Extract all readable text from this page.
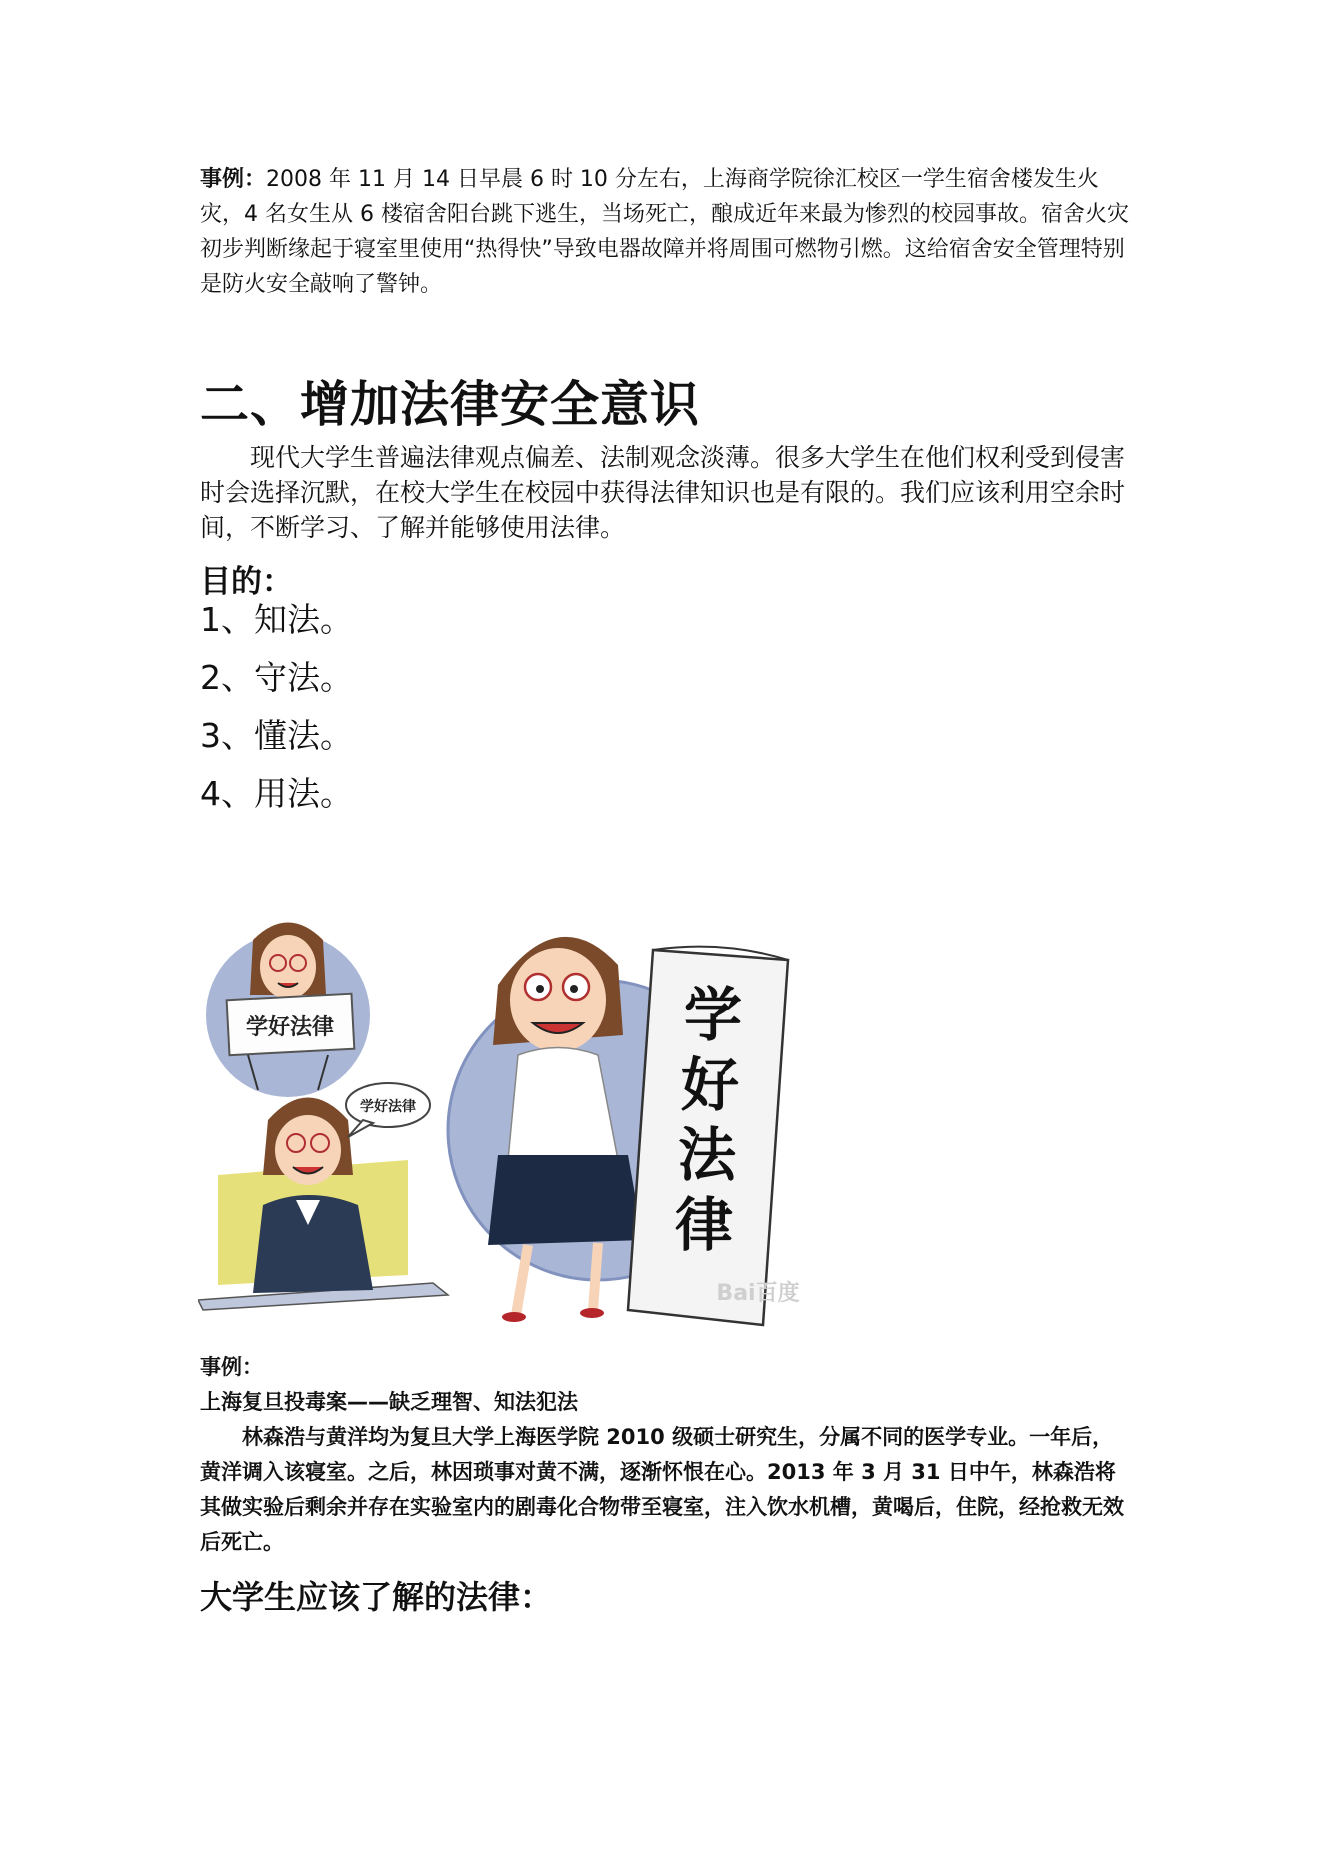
事例：2008 年 11 月 14 日早晨 6 时 10 分左右，上海商学院徐汇校区一学生宿舍楼发生火灾，4 名女生从 6 楼宿舍阳台跳下逃生，当场死亡，酿成近年来最为惨烈的校园事故。宿舍火灾初步判断缘起于寝室里使用“热得快”导致电器故障并将周围可燃物引燃。这给宿舍安全管理特别是防火安全敲响了警钟。
二、增加法律安全意识
现代大学生普遍法律观点偏差、法制观念淡薄。很多大学生在他们权利受到侵害时会选择沉默，在校大学生在校园中获得法律知识也是有限的。我们应该利用空余时间，不断学习、了解并能够使用法律。
目的：
1、知法。
2、守法。
3、懂法。
4、用法。
学好法律
学好法律
学
好
法
律
Bai百度
事例：
上海复旦投毒案——缺乏理智、知法犯法
林森浩与黄洋均为复旦大学上海医学院 2010 级硕士研究生，分属不同的医学专业。一年后，黄洋调入该寝室。之后，林因琐事对黄不满，逐渐怀恨在心。2013 年 3 月 31 日中午，林森浩将其做实验后剩余并存在实验室内的剧毒化合物带至寝室，注入饮水机槽，黄喝后，住院，经抢救无效后死亡。
大学生应该了解的法律：
